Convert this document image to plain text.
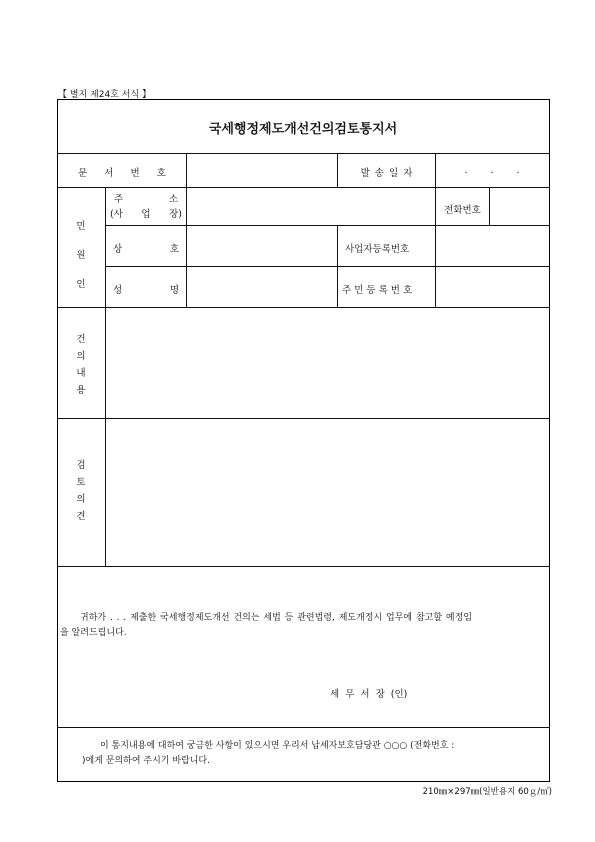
【 별지 제24호 서식 】
국세행정제도개선건의검토통지서
문 서 번 호	발 송 일 자	. . .
민 원 인
주 소
(사 업 장)	전화번호
상 호	사업자등록번호
성 명	주 민 등 록 번 호
건 의 내 용
검 토 의 견
귀하가 . . . 제출한 국세행정제도개선 건의는 세법 등 관련법령, 제도개정시 업무에 참고할 예정임
을 알려드립니다.
세 무 서 장 (인)
이 통지내용에 대하여 궁금한 사항이 있으시면 우리서 납세자보호담당관 ○○○ (전화번호 :
)에게 문의하여 주시기 바랍니다.
210㎜×297㎜(일반용지 60ｇ/㎡)
